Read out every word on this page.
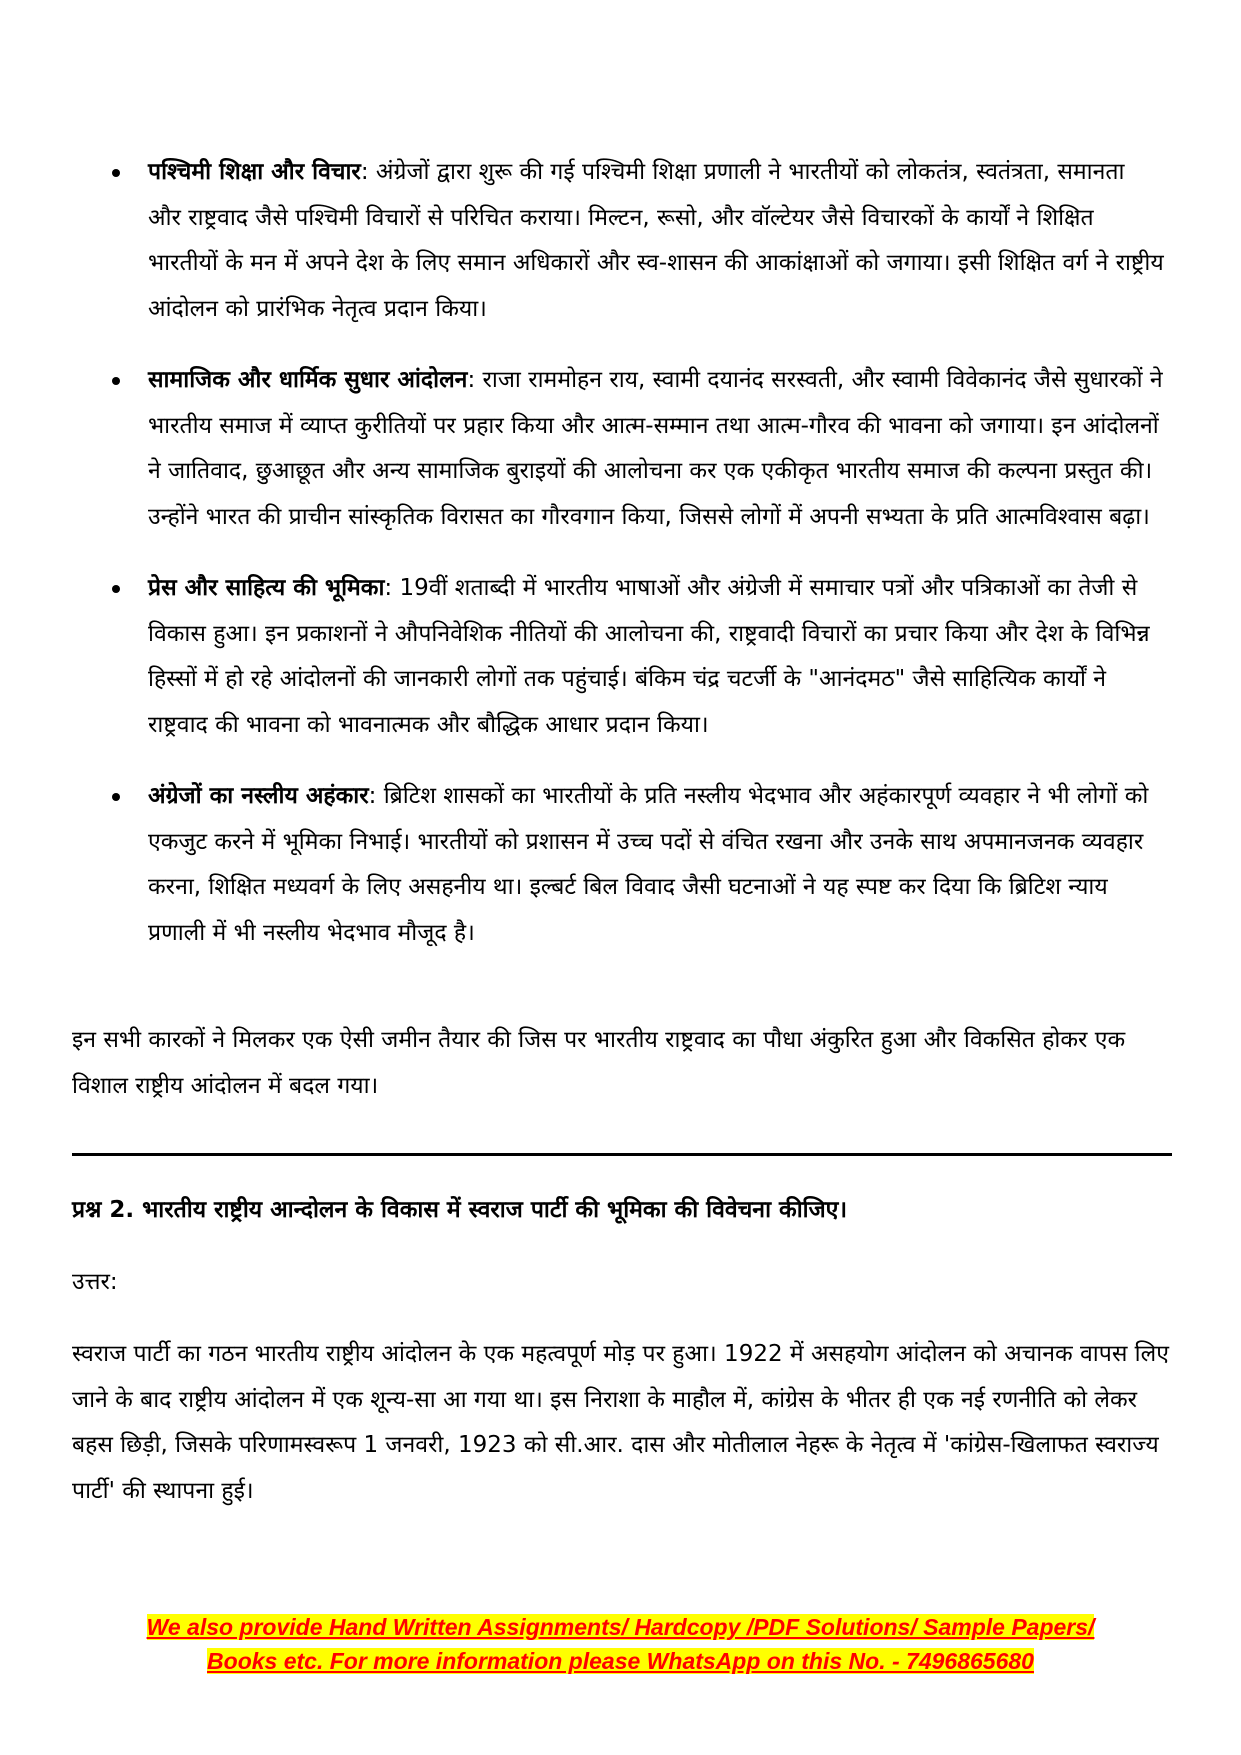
पश्चिमी शिक्षा और विचार: अंग्रेजों द्वारा शुरू की गई पश्चिमी शिक्षा प्रणाली ने भारतीयों को लोकतंत्र, स्वतंत्रता, समानता और राष्ट्रवाद जैसे पश्चिमी विचारों से परिचित कराया। मिल्टन, रूसो, और वॉल्टेयर जैसे विचारकों के कार्यों ने शिक्षित भारतीयों के मन में अपने देश के लिए समान अधिकारों और स्व-शासन की आकांक्षाओं को जगाया। इसी शिक्षित वर्ग ने राष्ट्रीय आंदोलन को प्रारंभिक नेतृत्व प्रदान किया।
सामाजिक और धार्मिक सुधार आंदोलन: राजा राममोहन राय, स्वामी दयानंद सरस्वती, और स्वामी विवेकानंद जैसे सुधारकों ने भारतीय समाज में व्याप्त कुरीतियों पर प्रहार किया और आत्म-सम्मान तथा आत्म-गौरव की भावना को जगाया। इन आंदोलनों ने जातिवाद, छुआछूत और अन्य सामाजिक बुराइयों की आलोचना कर एक एकीकृत भारतीय समाज की कल्पना प्रस्तुत की। उन्होंने भारत की प्राचीन सांस्कृतिक विरासत का गौरवगान किया, जिससे लोगों में अपनी सभ्यता के प्रति आत्मविश्वास बढ़ा।
प्रेस और साहित्य की भूमिका: 19वीं शताब्दी में भारतीय भाषाओं और अंग्रेजी में समाचार पत्रों और पत्रिकाओं का तेजी से विकास हुआ। इन प्रकाशनों ने औपनिवेशिक नीतियों की आलोचना की, राष्ट्रवादी विचारों का प्रचार किया और देश के विभिन्न हिस्सों में हो रहे आंदोलनों की जानकारी लोगों तक पहुंचाई। बंकिम चंद्र चटर्जी के "आनंदमठ" जैसे साहित्यिक कार्यों ने राष्ट्रवाद की भावना को भावनात्मक और बौद्धिक आधार प्रदान किया।
अंग्रेजों का नस्लीय अहंकार: ब्रिटिश शासकों का भारतीयों के प्रति नस्लीय भेदभाव और अहंकारपूर्ण व्यवहार ने भी लोगों को एकजुट करने में भूमिका निभाई। भारतीयों को प्रशासन में उच्च पदों से वंचित रखना और उनके साथ अपमानजनक व्यवहार करना, शिक्षित मध्यवर्ग के लिए असहनीय था। इल्बर्ट बिल विवाद जैसी घटनाओं ने यह स्पष्ट कर दिया कि ब्रिटिश न्याय प्रणाली में भी नस्लीय भेदभाव मौजूद है।

इन सभी कारकों ने मिलकर एक ऐसी जमीन तैयार की जिस पर भारतीय राष्ट्रवाद का पौधा अंकुरित हुआ और विकसित होकर एक विशाल राष्ट्रीय आंदोलन में बदल गया।

प्रश्न 2. भारतीय राष्ट्रीय आन्दोलन के विकास में स्वराज पार्टी की भूमिका की विवेचना कीजिए।

उत्तर:

स्वराज पार्टी का गठन भारतीय राष्ट्रीय आंदोलन के एक महत्वपूर्ण मोड़ पर हुआ। 1922 में असहयोग आंदोलन को अचानक वापस लिए जाने के बाद राष्ट्रीय आंदोलन में एक शून्य-सा आ गया था। इस निराशा के माहौल में, कांग्रेस के भीतर ही एक नई रणनीति को लेकर बहस छिड़ी, जिसके परिणामस्वरूप 1 जनवरी, 1923 को सी.आर. दास और मोतीलाल नेहरू के नेतृत्व में 'कांग्रेस-खिलाफत स्वराज्य पार्टी' की स्थापना हुई।

We also provide Hand Written Assignments/ Hardcopy /PDF Solutions/ Sample Papers/
Books etc. For more information please WhatsApp on this No. - 7496865680
